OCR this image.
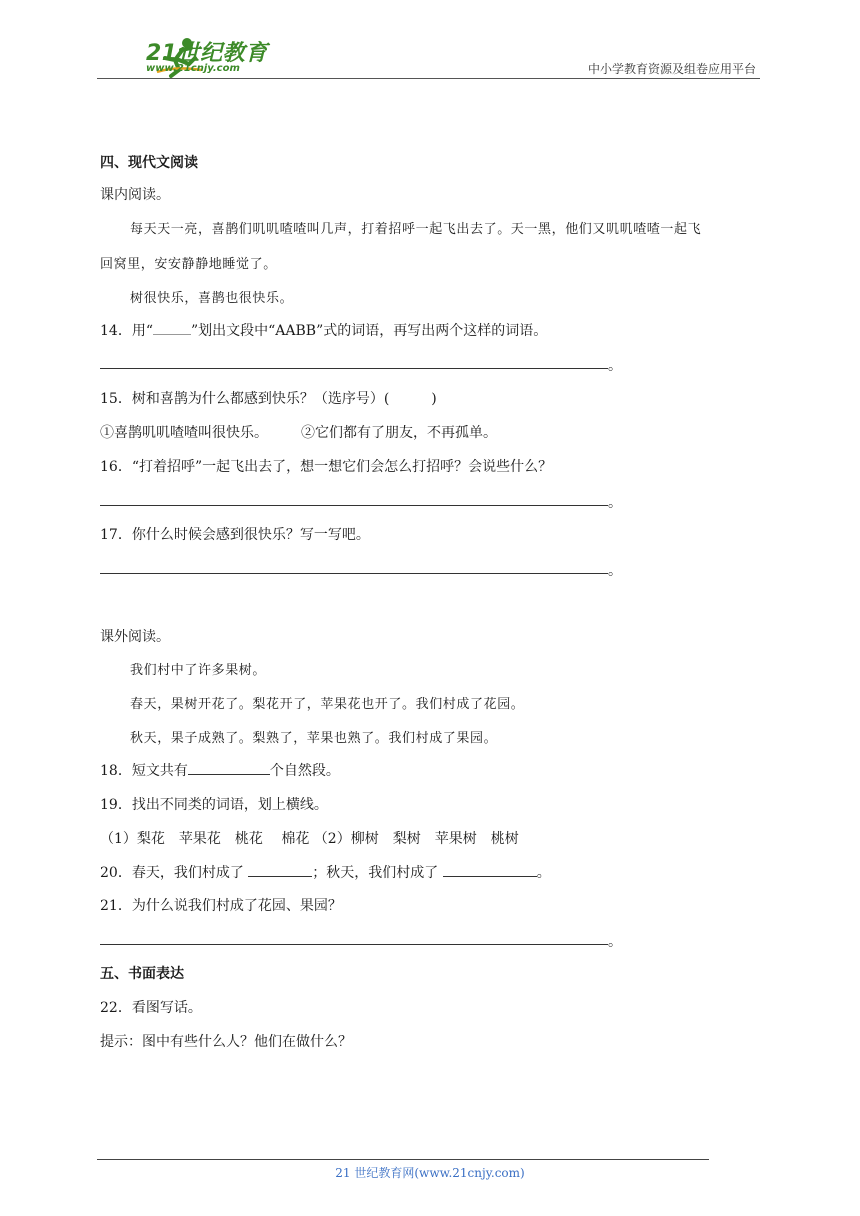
21世纪教育
www.21cnjy.com	中小学教育资源及组卷应用平台
四、现代文阅读
课内阅读。
每天天一亮，喜鹊们叽叽喳喳叫几声，打着招呼一起飞出去了。天一黑，他们又叽叽喳喳一起飞
回窝里，安安静静地睡觉了。
树很快乐，喜鹊也很快乐。
14．用“	”划出文段中“AABB”式的词语，再写出两个这样的词语。
。
15．树和喜鹊为什么都感到快乐？（选序号）(	)
①喜鹊叽叽喳喳叫很快乐。 ②它们都有了朋友，不再孤单。
16．“打着招呼”一起飞出去了，想一想它们会怎么打招呼？会说些什么？
。
17．你什么时候会感到很快乐？写一写吧。
。
课外阅读。
我们村中了许多果树。
春天，果树开花了。梨花开了，苹果花也开了。我们村成了花园。
秋天，果子成熟了。梨熟了，苹果也熟了。我们村成了果园。
18．短文共有	个自然段。
19．找出不同类的词语，划上横线。
（1）梨花　苹果花　桃花　 棉花 （2）柳树　梨树　苹果树　桃树
20．春天，我们村成了	；秋天，我们村成了	。
21．为什么说我们村成了花园、果园？
。
五、书面表达
22．看图写话。
提示：图中有些什么人？他们在做什么？
21 世纪教育网(www.21cnjy.com)
